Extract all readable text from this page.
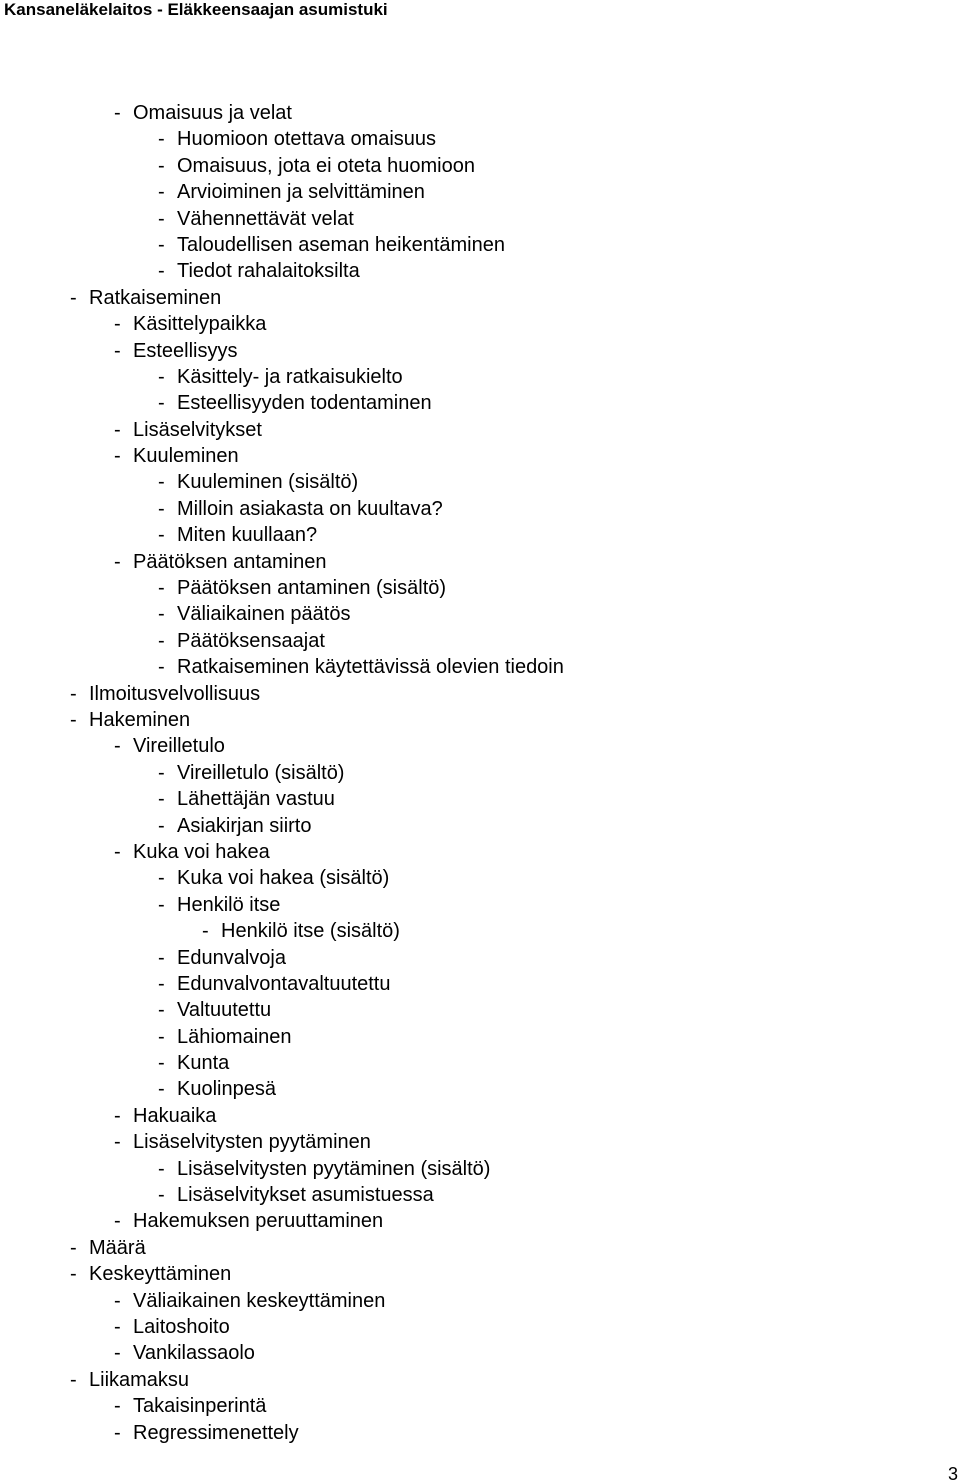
Kansaneläkelaitos - Eläkkeensaajan asumistuki
- Omaisuus ja velat
- Huomioon otettava omaisuus
- Omaisuus, jota ei oteta huomioon
- Arvioiminen ja selvittäminen
- Vähennettävät velat
- Taloudellisen aseman heikentäminen
- Tiedot rahalaitoksilta
- Ratkaiseminen
- Käsittelypaikka
- Esteellisyys
- Käsittely- ja ratkaisukielto
- Esteellisyyden todentaminen
- Lisäselvitykset
- Kuuleminen
- Kuuleminen (sisältö)
- Milloin asiakasta on kuultava?
- Miten kuullaan?
- Päätöksen antaminen
- Päätöksen antaminen (sisältö)
- Väliaikainen päätös
- Päätöksensaajat
- Ratkaiseminen käytettävissä olevien tiedoin
- Ilmoitusvelvollisuus
- Hakeminen
- Vireilletulo
- Vireilletulo (sisältö)
- Lähettäjän vastuu
- Asiakirjan siirto
- Kuka voi hakea
- Kuka voi hakea (sisältö)
- Henkilö itse
- Henkilö itse (sisältö)
- Edunvalvoja
- Edunvalvontavaltuutettu
- Valtuutettu
- Lähiomainen
- Kunta
- Kuolinpesä
- Hakuaika
- Lisäselvitysten pyytäminen
- Lisäselvitysten pyytäminen (sisältö)
- Lisäselvitykset asumistuessa
- Hakemuksen peruuttaminen
- Määrä
- Keskeyttäminen
- Väliaikainen keskeyttäminen
- Laitoshoito
- Vankilassaolo
- Liikamaksu
- Takaisinperintä
- Regressimenettely
3
